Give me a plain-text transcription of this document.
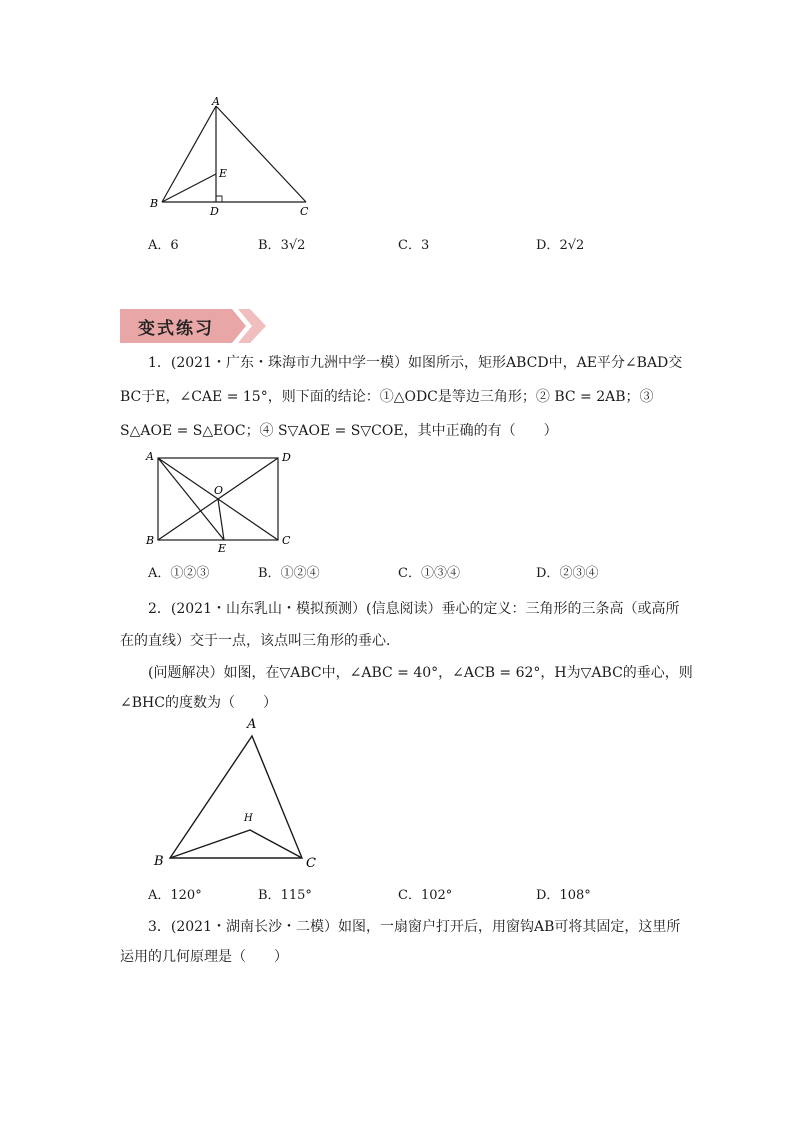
A
B
C
D
E
A．6	B．3√2	C．3	D．2√2
变式练习
1．(2021・广东・珠海市九洲中学一模）如图所示，矩形ABCD中，AE平分∠BAD交
BC于E，∠CAE = 15°，则下面的结论：①△ODC是等边三角形；② BC = 2AB；③
S△AOE = S△EOC；④ S▽AOE = S▽COE，其中正确的有（　　）
A	D
B	C
O
E
A．①②③	B．①②④	C．①③④	D．②③④
2．(2021・山东乳山・模拟预测）(信息阅读）垂心的定义：三角形的三条高（或高所
在的直线）交于一点，该点叫三角形的垂心．
(问题解决）如图，在▽ABC中，∠ABC = 40°，∠ACB = 62°，H为▽ABC的垂心，则
∠BHC的度数为（　　）
A
B	C
H
A．120°	B．115°	C．102°	D．108°
3．(2021・湖南长沙・二模）如图，一扇窗户打开后，用窗钩AB可将其固定，这里所
运用的几何原理是（　　）
